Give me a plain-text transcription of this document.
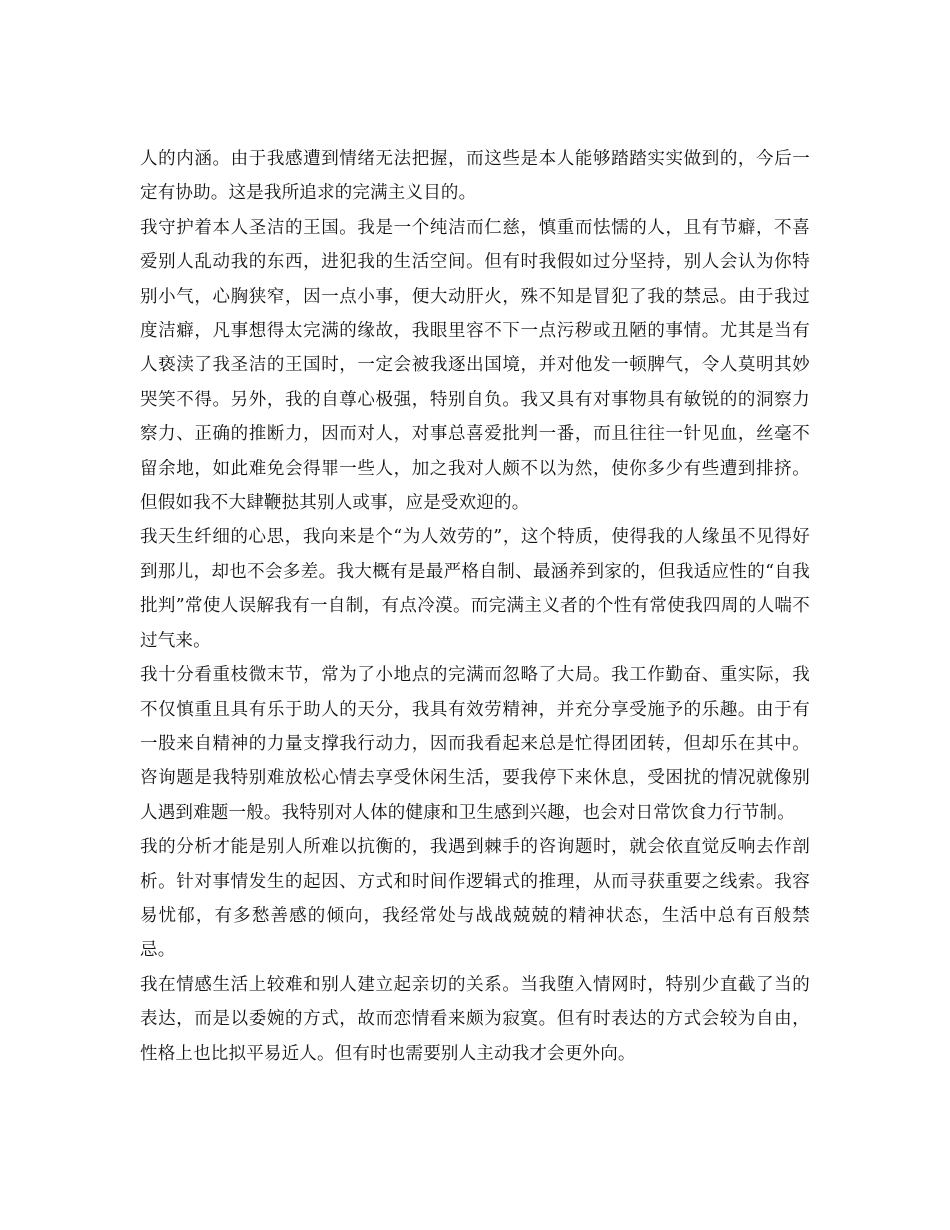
人的内涵。由于我感遭到情绪无法把握，而这些是本人能够踏踏实实做到的，今后一定有协助。这是我所追求的完满主义目的。

我守护着本人圣洁的王国。我是一个纯洁而仁慈，慎重而怯懦的人，且有节癖，不喜爱别人乱动我的东西，进犯我的生活空间。但有时我假如过分坚持，别人会认为你特别小气，心胸狭窄，因一点小事，便大动肝火，殊不知是冒犯了我的禁忌。由于我过度洁癖，凡事想得太完满的缘故，我眼里容不下一点污秽或丑陋的事情。尤其是当有人亵渎了我圣洁的王国时，一定会被我逐出国境，并对他发一顿脾气，令人莫明其妙哭笑不得。另外，我的自尊心极强，特别自负。我又具有对事物具有敏锐的的洞察力察力、正确的推断力，因而对人，对事总喜爱批判一番，而且往往一针见血，丝毫不留余地，如此难免会得罪一些人，加之我对人颇不以为然，使你多少有些遭到排挤。但假如我不大肆鞭挞其别人或事，应是受欢迎的。

我天生纤细的心思，我向来是个“为人效劳的”，这个特质，使得我的人缘虽不见得好到那儿，却也不会多差。我大概有是最严格自制、最涵养到家的，但我适应性的“自我批判”常使人误解我有一自制，有点冷漠。而完满主义者的个性有常使我四周的人喘不过气来。

我十分看重枝微末节，常为了小地点的完满而忽略了大局。我工作勤奋、重实际，我不仅慎重且具有乐于助人的天分，我具有效劳精神，并充分享受施予的乐趣。由于有一股来自精神的力量支撑我行动力，因而我看起来总是忙得团团转，但却乐在其中。咨询题是我特别难放松心情去享受休闲生活，要我停下来休息，受困扰的情况就像别人遇到难题一般。我特别对人体的健康和卫生感到兴趣，也会对日常饮食力行节制。

我的分析才能是别人所难以抗衡的，我遇到棘手的咨询题时，就会依直觉反响去作剖析。针对事情发生的起因、方式和时间作逻辑式的推理，从而寻获重要之线索。我容易忧郁，有多愁善感的倾向，我经常处与战战兢兢的精神状态，生活中总有百般禁忌。

我在情感生活上较难和别人建立起亲切的关系。当我堕入情网时，特别少直截了当的表达，而是以委婉的方式，故而恋情看来颇为寂寞。但有时表达的方式会较为自由，性格上也比拟平易近人。但有时也需要别人主动我才会更外向。
